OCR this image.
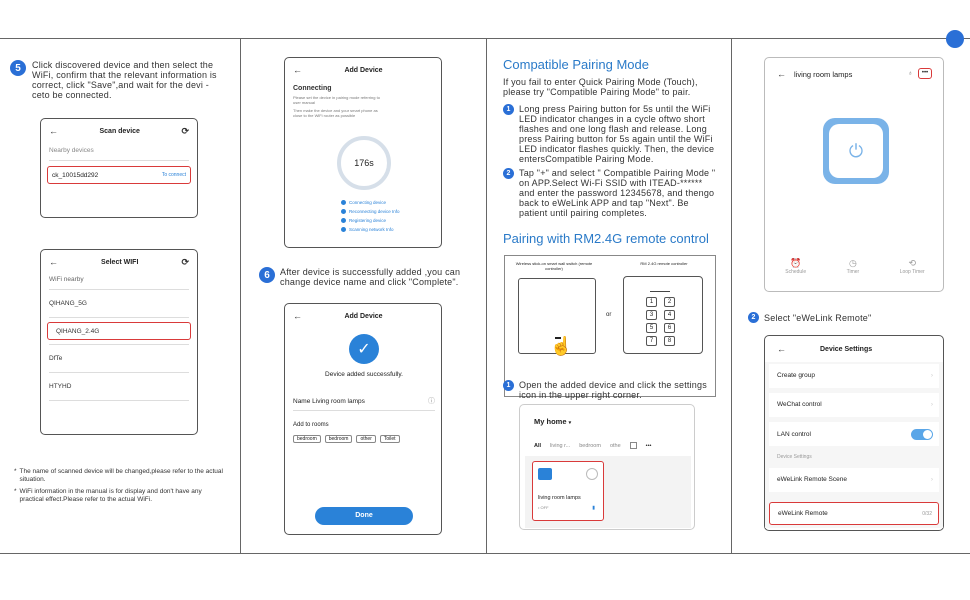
5	Click discovered device and then select the WiFi, confirm that the relevant information is correct, click "Save",and wait for the devi -ceto be connected.

←	Scan device	⟳
Nearby devices
ck_10015dd292	To connect
←	Select WIFI	⟳
WiFi nearby
QIHANG_5G
QIHANG_2.4G
DfTe
HTYHD
* The name of scanned device will be changed,please refer to the actual situation.
* WiFi information in the manual is for display and don't have any practical effect.Please refer to the actual WiFi.
←	Add Device
Connecting
Please set the device in pairing mode referring to user manual
Then make the device and your smart phone as close to the WiFi router as possible
176s
Connecting device
Reconnecting device Info
Registering device
Scanning network Info
6	After device is successfully added ,you can change device name and click "Complete".

←	Add Device
✓
Device added successfully.
Name Living room lamps	ⓘ
Add to rooms
bedroom	bedroom	other	Toilet
Done
Compatible Pairing Mode

If you fail to enter Quick Pairing Mode (Touch), please try "Compatible Pairing Mode" to pair.

1 Long press Pairing button for 5s until the WiFi LED indicator changes in a cycle oftwo short flashes and one long flash and release. Long press Pairing button for 5s again until the WiFi LED indicator flashes quickly. Then, the device entersCompatible Pairing Mode.

2 Tap "+" and select " Compatible Pairing Mode " on APP.Select Wi-Fi SSID with ITEAD-****** and enter the password 12345678, and thengo back to eWeLink APP and tap "Next". Be patient until pairing completes.

Pairing with RM2.4G remote control
Wireless stick-on smart wall switch (remote controller)
☝
or
RM 2.4G remote controller
1	2
3	4
5	6
7	8
1 Open the added device and click the settings icon in the upper right corner.

My home ▾
All living r... bedroom othe	•••
living room lamps
• OFF	▮
← living room lamps	♁	•••
⏻
⏰
Schedule
◷
Timer
⟲
Loop Timer
2 Select "eWeLink Remote"

←	Device Settings
Create group	›
WeChat control	›
LAN control
Device Settings
eWeLink Remote Scene	›
eWeLink Remote	0/32
